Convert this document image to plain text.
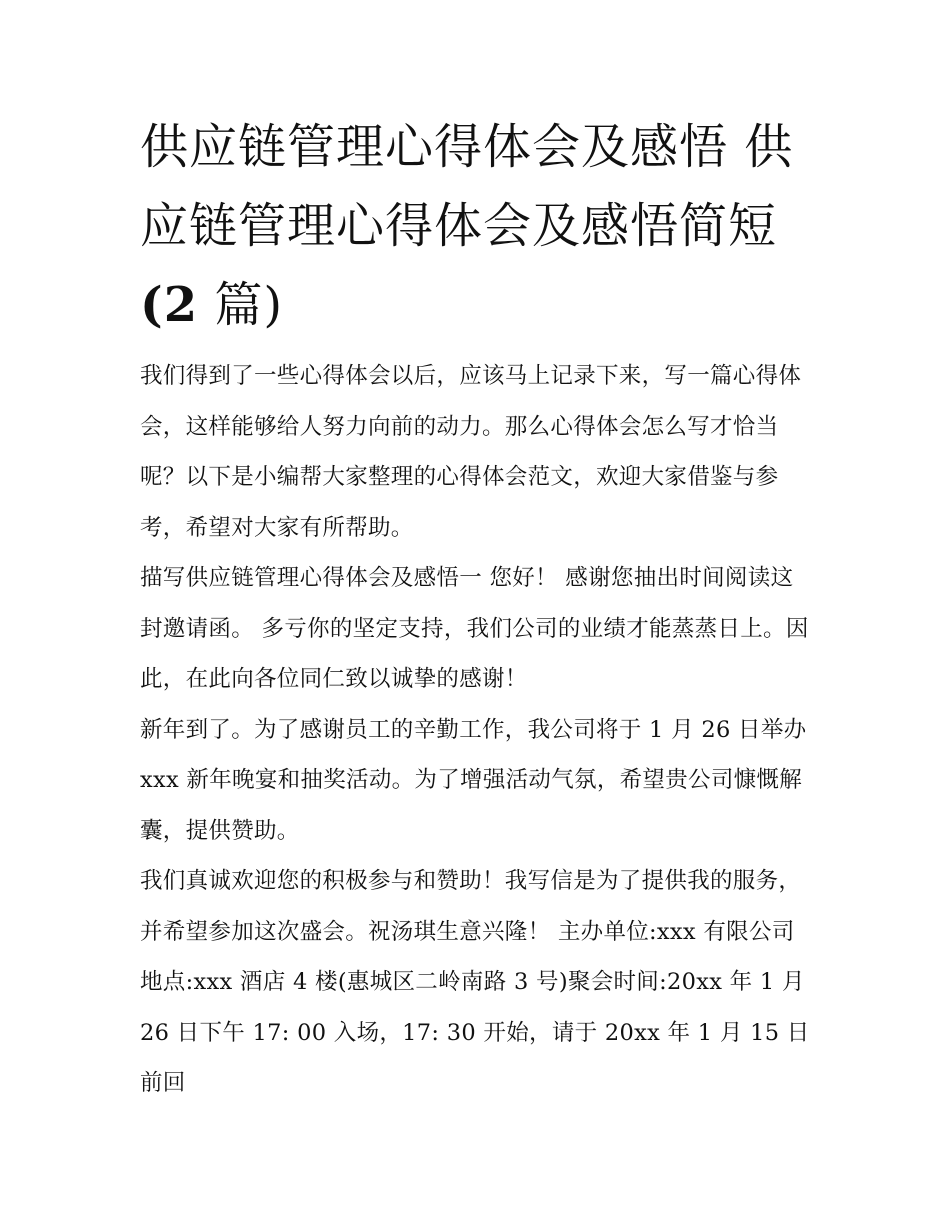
供应链管理心得体会及感悟 供应链管理心得体会及感悟简短(2 篇)

我们得到了一些心得体会以后，应该马上记录下来，写一篇心得体会，这样能够给人努力向前的动力。那么心得体会怎么写才恰当呢？以下是小编帮大家整理的心得体会范文，欢迎大家借鉴与参考，希望对大家有所帮助。

描写供应链管理心得体会及感悟一 您好！ 感谢您抽出时间阅读这封邀请函。 多亏你的坚定支持，我们公司的业绩才能蒸蒸日上。因此，在此向各位同仁致以诚挚的感谢！

新年到了。为了感谢员工的辛勤工作，我公司将于 1 月 26 日举办 xxx 新年晚宴和抽奖活动。为了增强活动气氛，希望贵公司慷慨解囊，提供赞助。

我们真诚欢迎您的积极参与和赞助！我写信是为了提供我的服务，并希望参加这次盛会。祝汤琪生意兴隆！ 主办单位:xxx 有限公司

地点:xxx 酒店 4 楼(惠城区二岭南路 3 号)聚会时间:20xx 年 1 月 26 日下午 17: 00 入场，17: 30 开始，请于 20xx 年 1 月 15 日前回
